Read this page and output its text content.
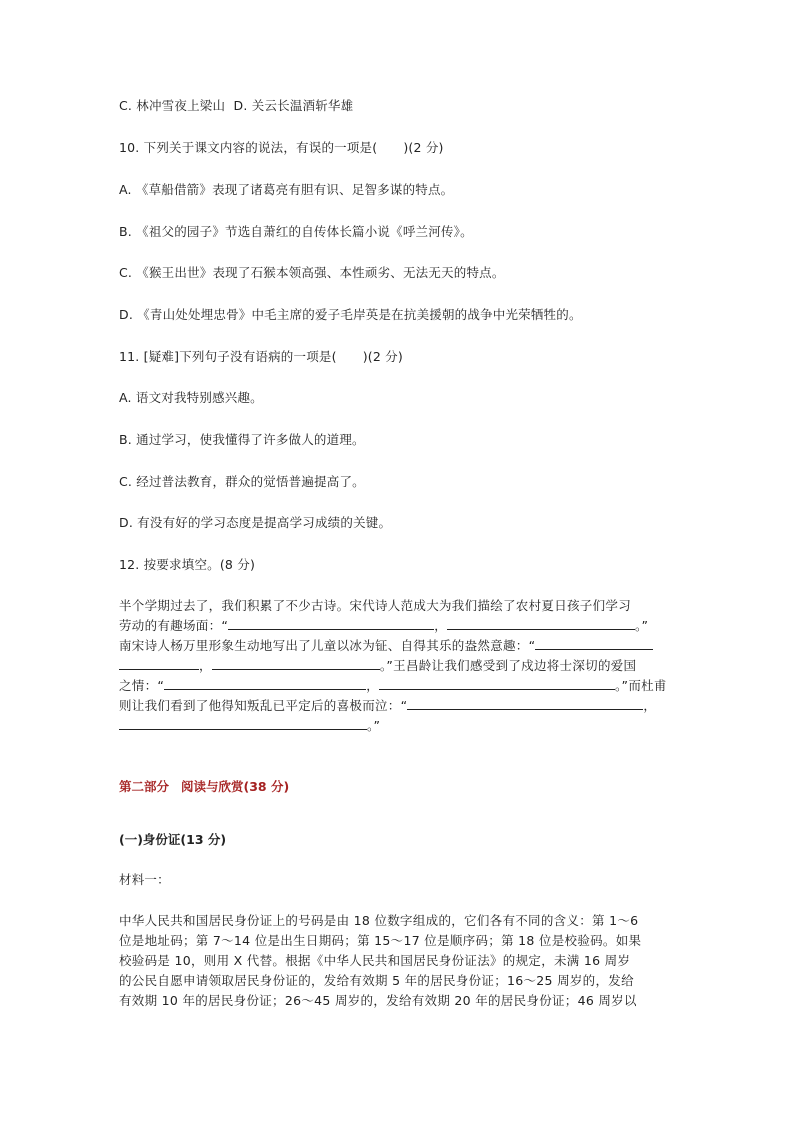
C. 林冲雪夜上梁山 D. 关云长温酒斩华雄
10. 下列关于课文内容的说法，有误的一项是( )(2 分)
A. 《草船借箭》表现了诸葛亮有胆有识、足智多谋的特点。
B. 《祖父的园子》节选自萧红的自传体长篇小说《呼兰河传》。
C. 《猴王出世》表现了石猴本领高强、本性顽劣、无法无天的特点。
D. 《青山处处埋忠骨》中毛主席的爱子毛岸英是在抗美援朝的战争中光荣牺牲的。
11. [疑难]下列句子没有语病的一项是( )(2 分)
A. 语文对我特别感兴趣。
B. 通过学习，使我懂得了许多做人的道理。
C. 经过普法教育，群众的觉悟普遍提高了。
D. 有没有好的学习态度是提高学习成绩的关键。
12. 按要求填空。(8 分)
半个学期过去了，我们积累了不少古诗。宋代诗人范成大为我们描绘了农村夏日孩子们学习
劳动的有趣场面：“	，	。”
南宋诗人杨万里形象生动地写出了儿童以冰为钲、自得其乐的盎然意趣：“
，	。”王昌龄让我们感受到了戍边将士深切的爱国
之情：“	，	。”而杜甫
则让我们看到了他得知叛乱已平定后的喜极而泣：“	，
。”
第二部分 阅读与欣赏(38 分)
(一)身份证(13 分)
材料一：
中华人民共和国居民身份证上的号码是由 18 位数字组成的，它们各有不同的含义：第 1～6
位是地址码；第 7～14 位是出生日期码；第 15～17 位是顺序码；第 18 位是校验码。如果
校验码是 10，则用 X 代替。根据《中华人民共和国居民身份证法》的规定，未满 16 周岁
的公民自愿申请领取居民身份证的，发给有效期 5 年的居民身份证；16～25 周岁的，发给
有效期 10 年的居民身份证；26～45 周岁的，发给有效期 20 年的居民身份证；46 周岁以
